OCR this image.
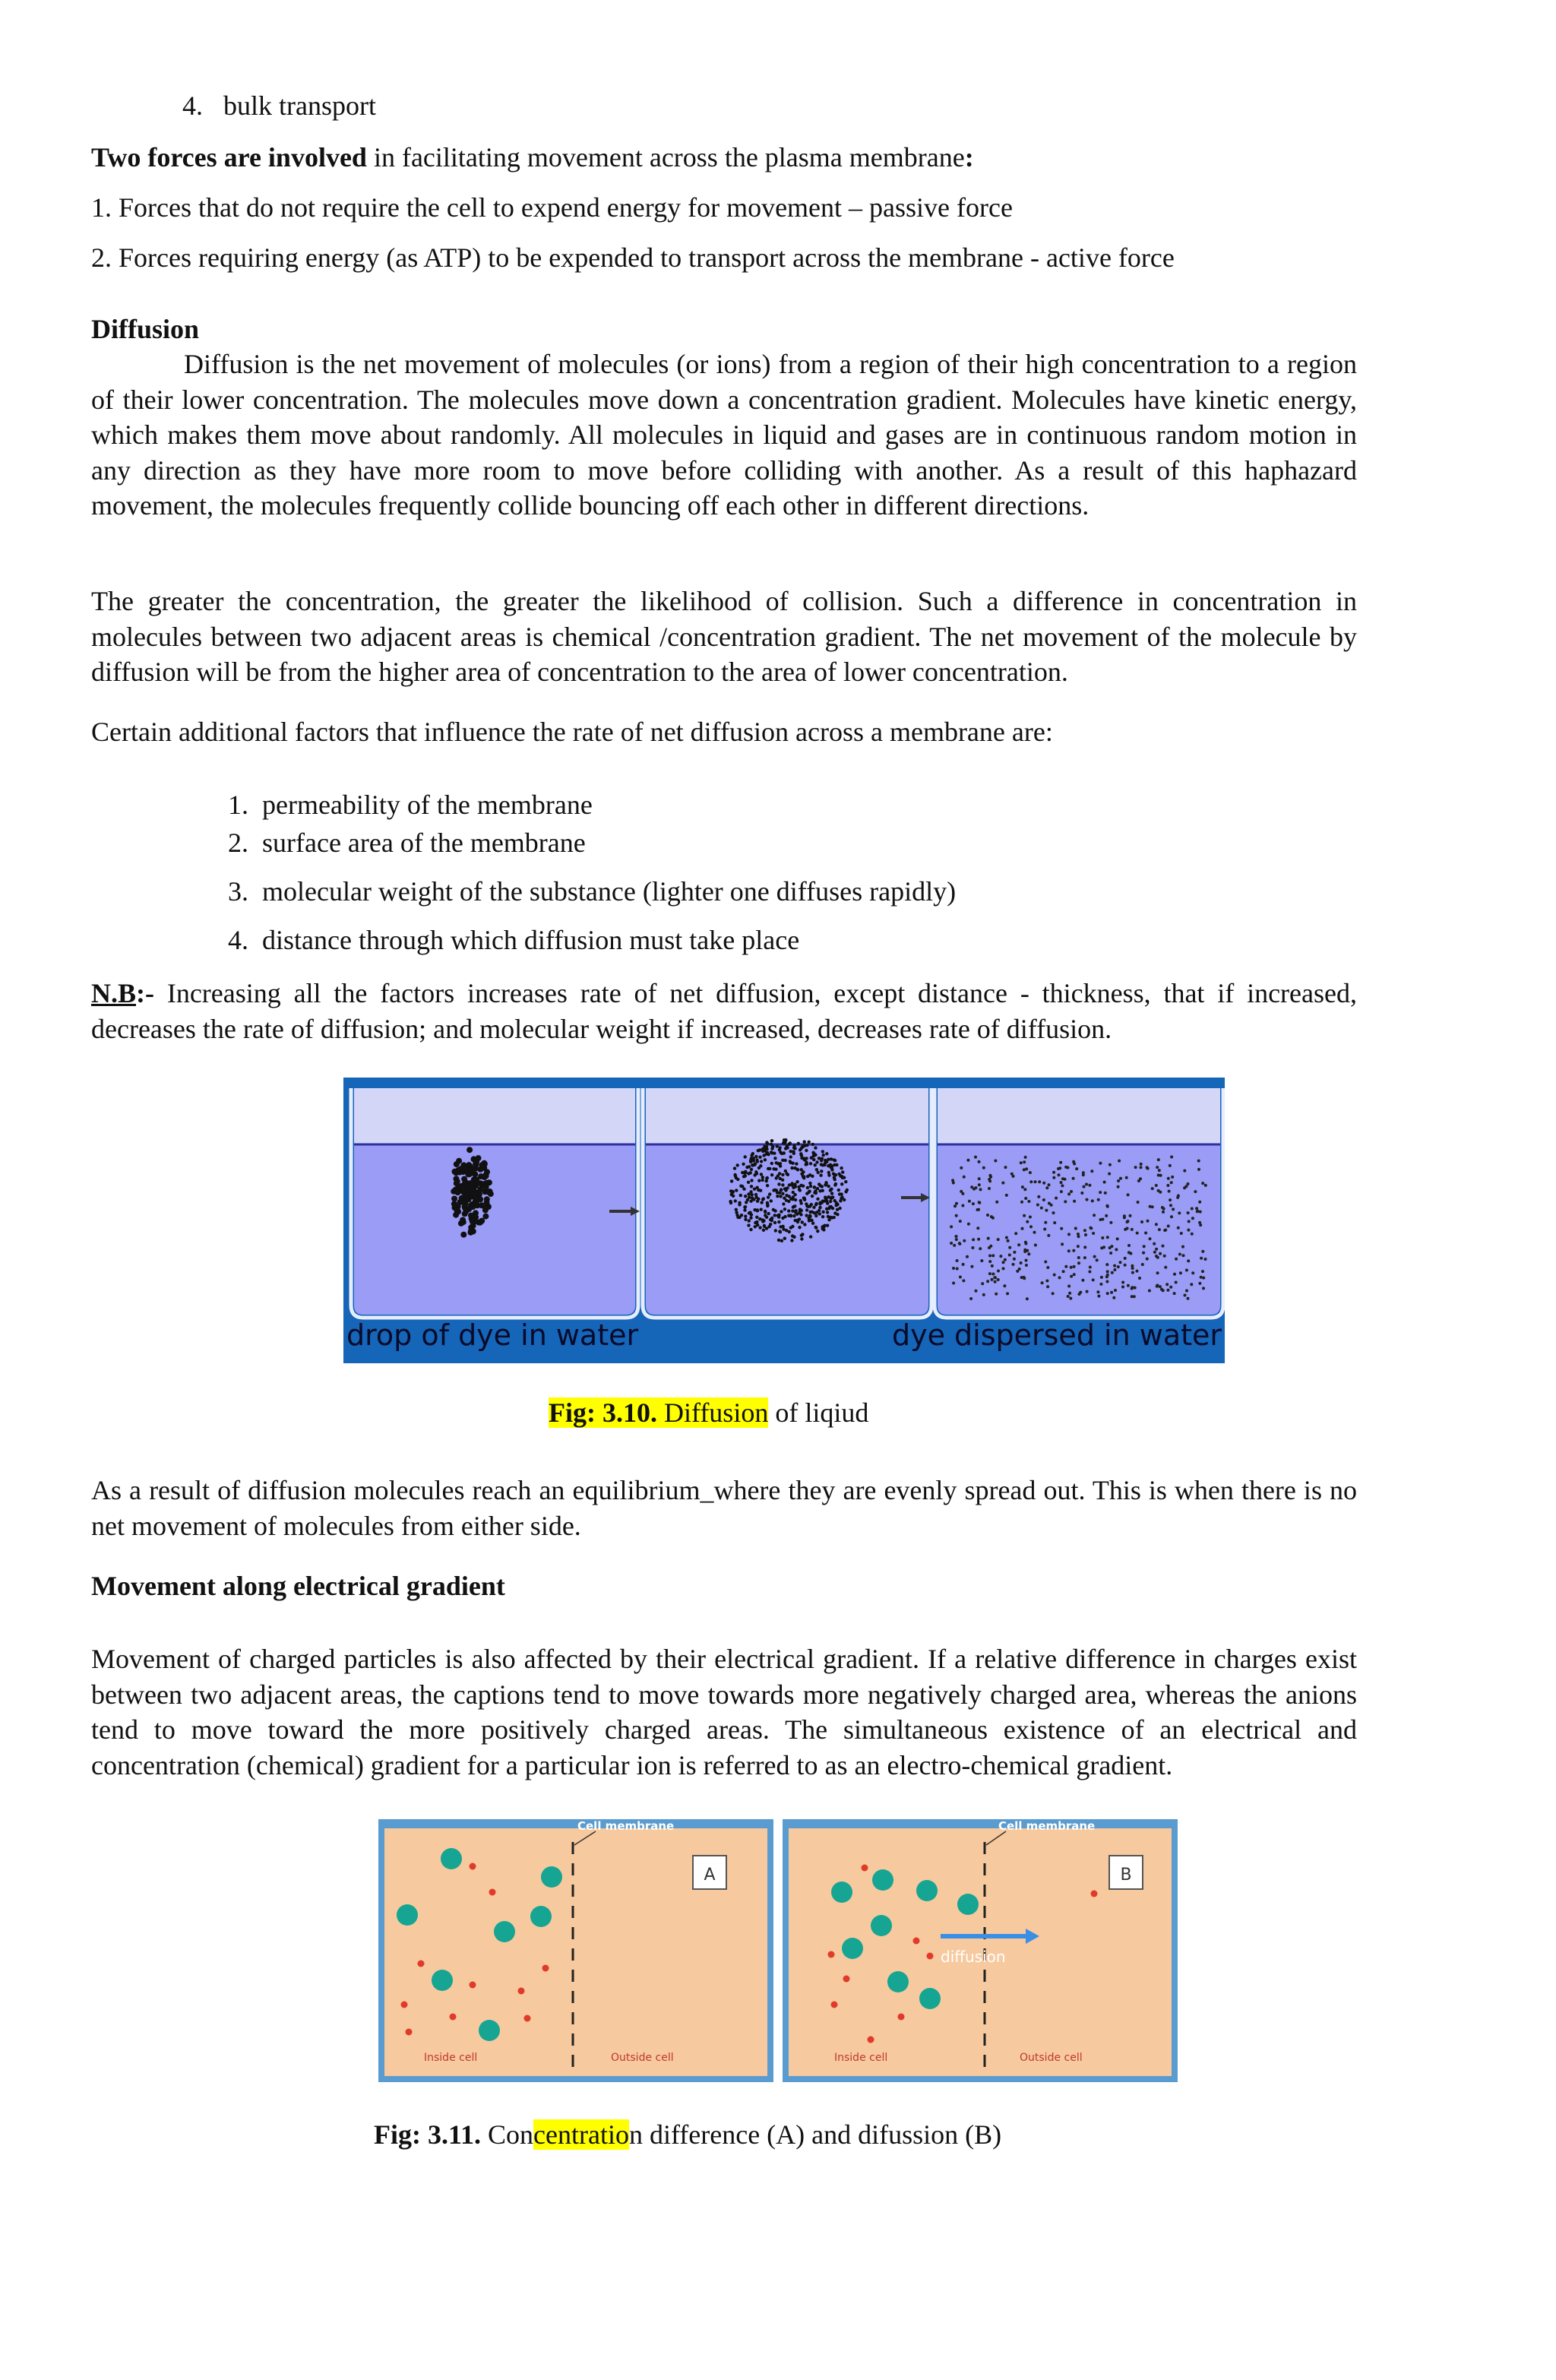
4. bulk transport
Two forces are involved in facilitating movement across the plasma membrane:
1. Forces that do not require the cell to expend energy for movement – passive force
2. Forces requiring energy (as ATP) to be expended to transport across the membrane - active force
Diffusion
Diffusion is the net movement of molecules (or ions) from a region of their high concentration to a region of their lower concentration. The molecules move down a concentration gradient. Molecules have kinetic energy, which makes them move about randomly. All molecules in liquid and gases are in continuous random motion in any direction as they have more room to move before colliding with another. As a result of this haphazard movement, the molecules frequently collide bouncing off each other in different directions.
The greater the concentration, the greater the likelihood of collision. Such a difference in concentration in molecules between two adjacent areas is chemical /concentration gradient. The net movement of the molecule by diffusion will be from the higher area of concentration to the area of lower concentration.
Certain additional factors that influence the rate of net diffusion across a membrane are:
1. permeability of the membrane
2. surface area of the membrane
3. molecular weight of the substance (lighter one diffuses rapidly)
4. distance through which diffusion must take place
N.B:- Increasing all the factors increases rate of net diffusion, except distance - thickness, that if increased, decreases the rate of diffusion; and molecular weight if increased, decreases rate of diffusion.
drop of dye in water	dye dispersed in water
Fig: 3.10. Diffusion of liqiud
As a result of diffusion molecules reach an equilibrium_where they are evenly spread out. This is when there is no net movement of molecules from either side.
Movement along electrical gradient
Movement of charged particles is also affected by their electrical gradient. If a relative difference in charges exist between two adjacent areas, the captions tend to move towards more negatively charged area, whereas the anions tend to move toward the more positively charged areas. The simultaneous existence of an electrical and concentration (chemical) gradient for a particular ion is referred to as an electro-chemical gradient.
Cell membrane
A
Inside cell	Outside cell
Cell membrane
B
Inside cell	Outside cell
diffusion
Fig: 3.11. Concentration difference (A) and difussion (B)
